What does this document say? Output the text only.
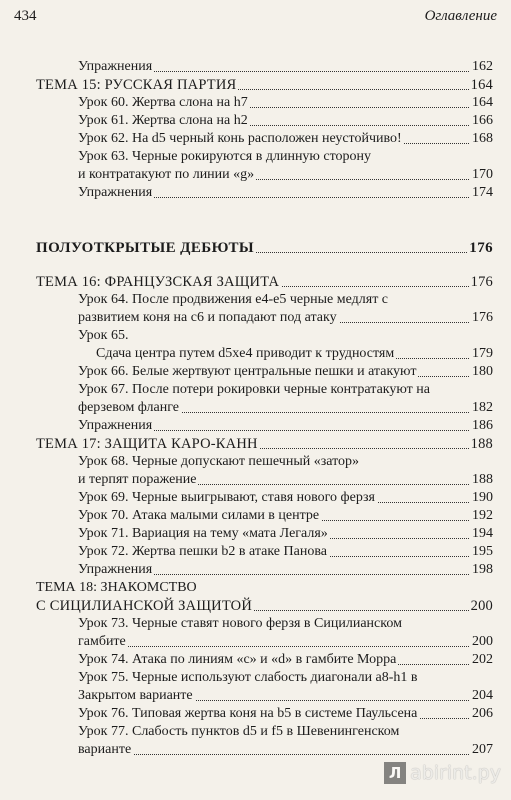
434	Оглавление
Упражнения	162
ТЕМА 15: РУССКАЯ ПАРТИЯ	164
Урок 60. Жертва слона на h7	164
Урок 61. Жертва слона на h2	166
Урок 62. На d5 черный конь расположен неустойчиво!	168
Урок 63. Черные рокируются в длинную сторону
и контратакуют по линии «g»	170
Упражнения	174
ПОЛУОТКРЫТЫЕ ДЕБЮТЫ	176
ТЕМА 16: ФРАНЦУЗСКАЯ ЗАЩИТА	176
Урок 64. После продвижения е4-е5 черные медлят с
развитием коня на с6 и попадают под атаку	176
Урок 65.
Сдача центра путем d5xe4 приводит к трудностям	179
Урок 66. Белые жертвуют центральные пешки и атакуют	180
Урок 67. После потери рокировки черные контратакуют на
ферзевом фланге	182
Упражнения	186
ТЕМА 17: ЗАЩИТА КАРО-КАНН	188
Урок 68. Черные допускают пешечный «затор»
и терпят поражение	188
Урок 69. Черные выигрывают, ставя нового ферзя	190
Урок 70. Атака малыми силами в центре	192
Урок 71. Вариация на тему «мата Легаля»	194
Урок 72. Жертва пешки b2 в атаке Панова	195
Упражнения	198
ТЕМА 18: ЗНАКОМСТВО
С СИЦИЛИАНСКОЙ ЗАЩИТОЙ	200
Урок 73. Черные ставят нового ферзя в Сицилианском
гамбите	200
Урок 74. Атака по линиям «с» и «d» в гамбите Морра	202
Урок 75. Черные используют слабость диагонали a8-h1 в
Закрытом варианте	204
Урок 76. Типовая жертва коня на b5 в системе Паульсена	206
Урок 77. Слабость пунктов d5 и f5 в Шевенингенском
варианте	207
Л abirint.ру
